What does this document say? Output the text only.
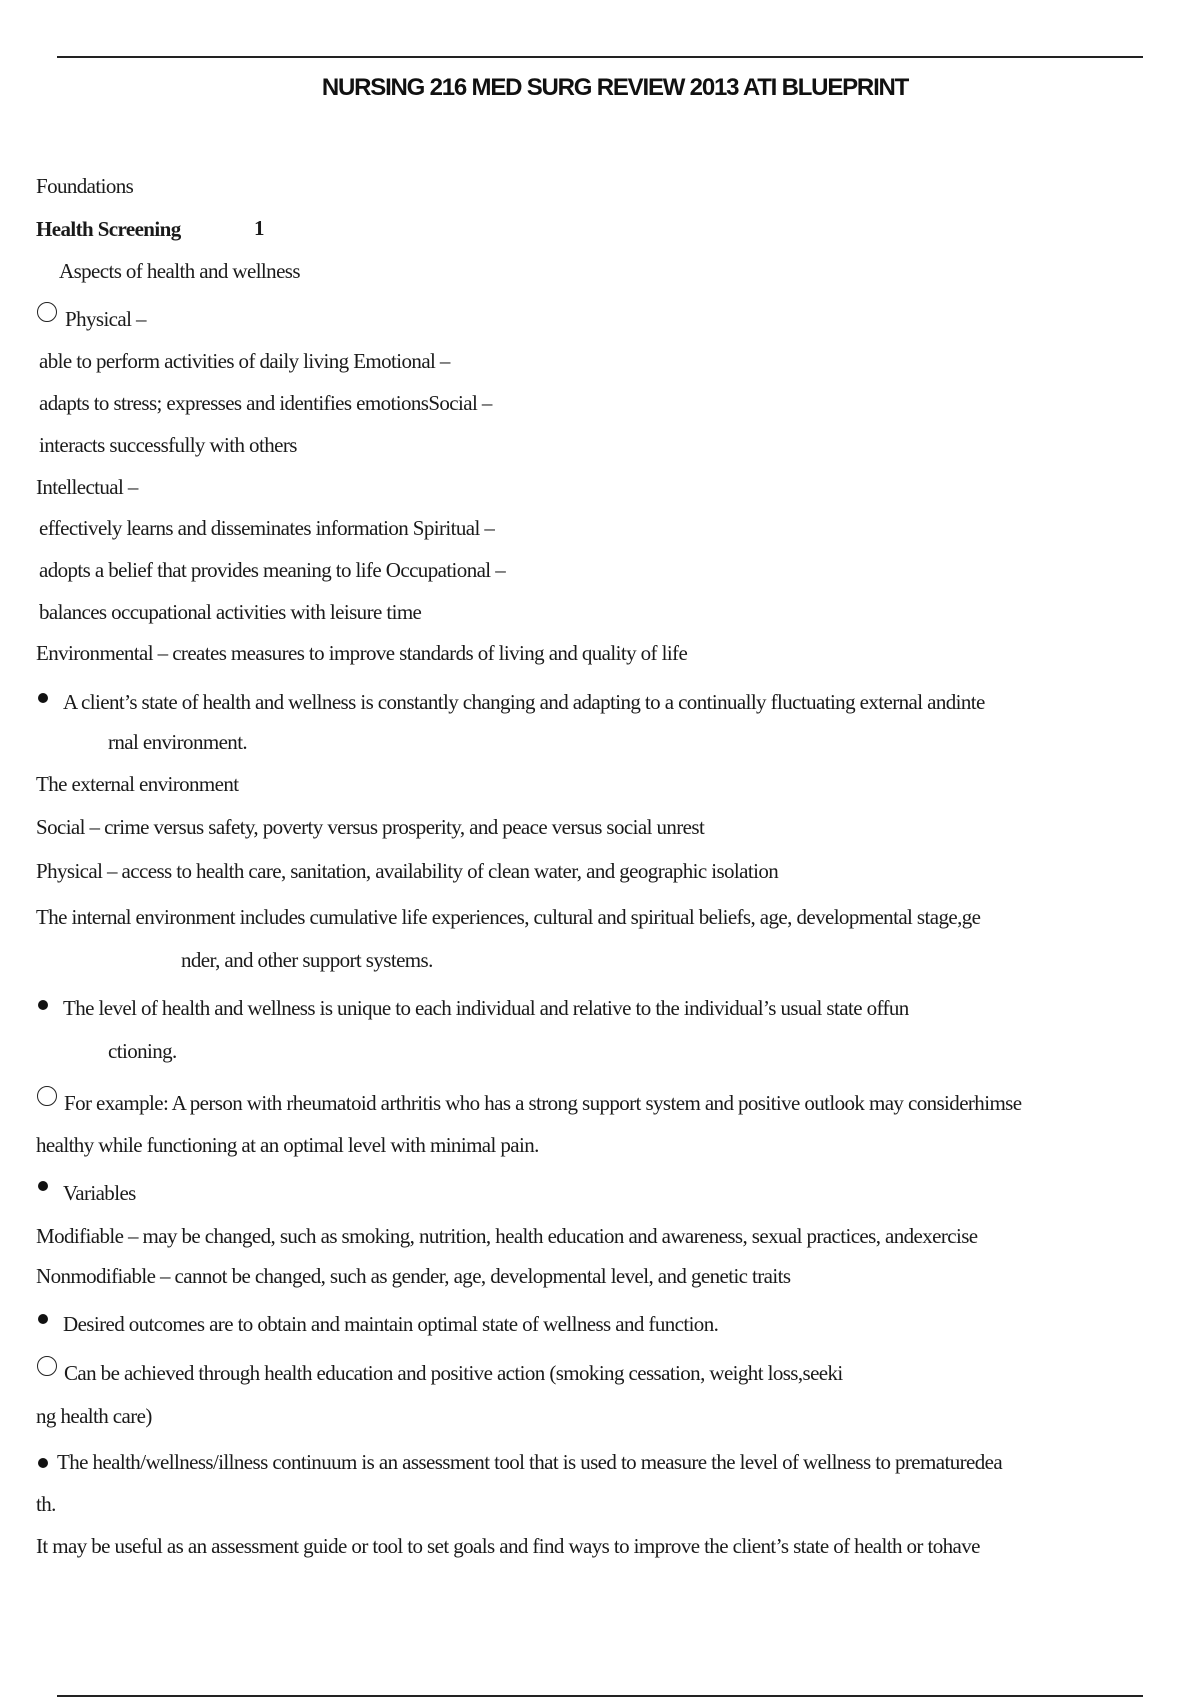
NURSING 216 MED SURG REVIEW 2013 ATI BLUEPRINT
Foundations
Health Screening	1
Aspects of health and wellness
Physical –
able to perform activities of daily living Emotional –
adapts to stress; expresses and identifies emotionsSocial –
interacts successfully with others
Intellectual –
effectively learns and disseminates information Spiritual –
adopts a belief that provides meaning to life Occupational –
balances occupational activities with leisure time
Environmental – creates measures to improve standards of living and quality of life
A client’s state of health and wellness is constantly changing and adapting to a continually fluctuating external andinte
rnal environment.
The external environment
Social – crime versus safety, poverty versus prosperity, and peace versus social unrest
Physical – access to health care, sanitation, availability of clean water, and geographic isolation
The internal environment includes cumulative life experiences, cultural and spiritual beliefs, age, developmental stage,ge
nder, and other support systems.
The level of health and wellness is unique to each individual and relative to the individual’s usual state offun
ctioning.
For example: A person with rheumatoid arthritis who has a strong support system and positive outlook may considerhimse
healthy while functioning at an optimal level with minimal pain.
Variables
Modifiable – may be changed, such as smoking, nutrition, health education and awareness, sexual practices, andexercise
Nonmodifiable – cannot be changed, such as gender, age, developmental level, and genetic traits
Desired outcomes are to obtain and maintain optimal state of wellness and function.
Can be achieved through health education and positive action (smoking cessation, weight loss,seeki
ng health care)
The health/wellness/illness continuum is an assessment tool that is used to measure the level of wellness to prematuredea
th.
It may be useful as an assessment guide or tool to set goals and find ways to improve the client’s state of health or tohave
